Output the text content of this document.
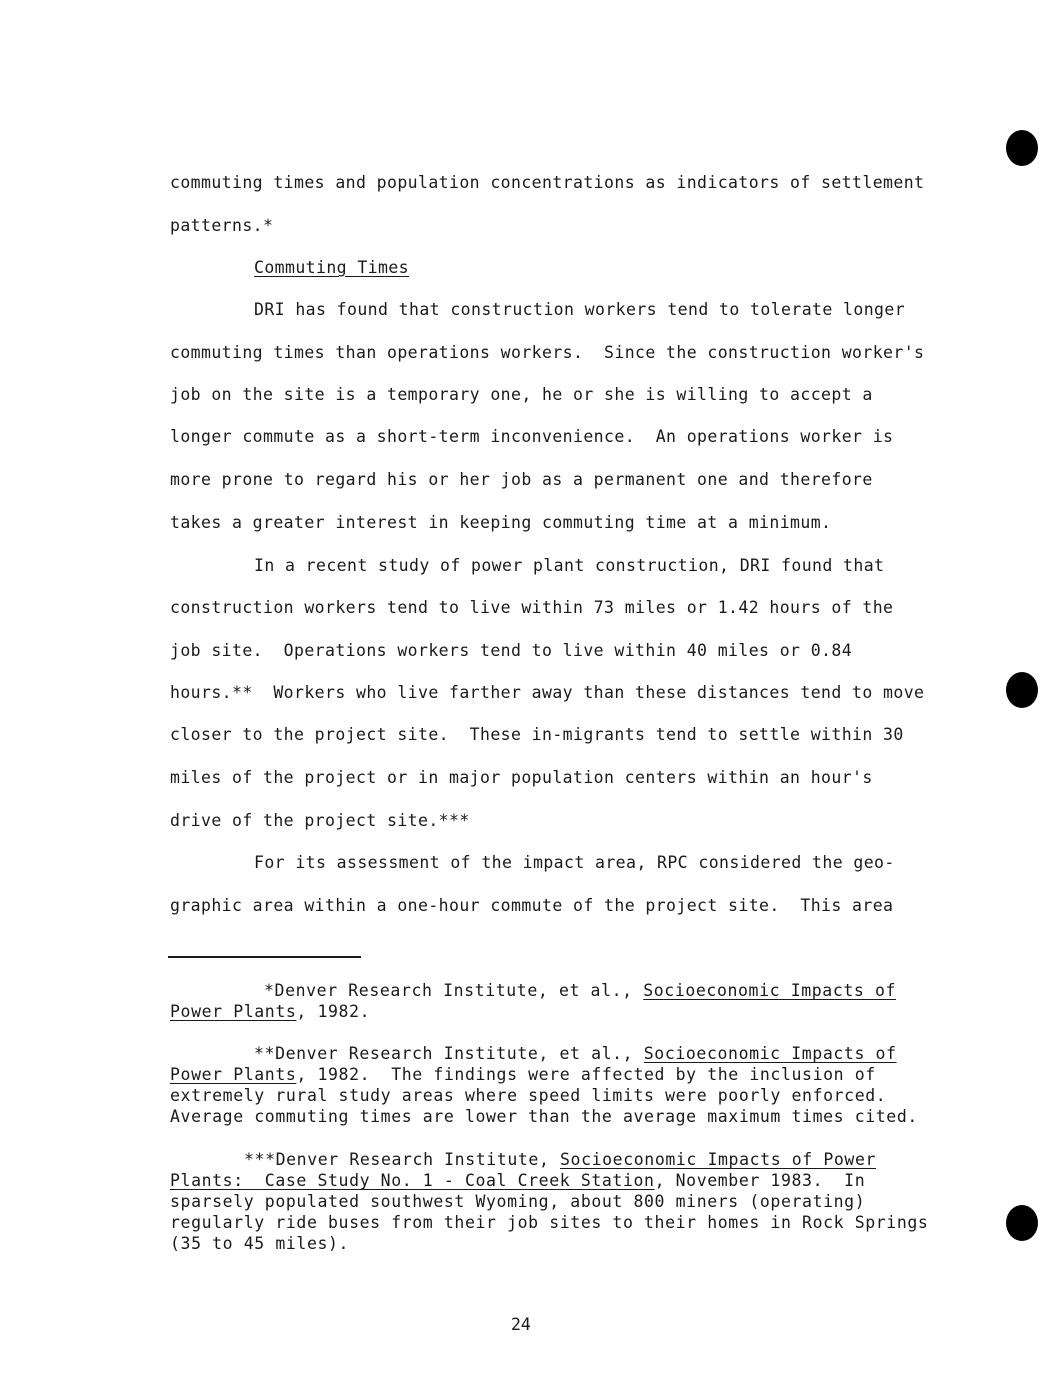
commuting times and population concentrations as indicators of settlement
patterns.*
Commuting Times
DRI has found that construction workers tend to tolerate longer
commuting times than operations workers.  Since the construction worker's
job on the site is a temporary one, he or she is willing to accept a
longer commute as a short-term inconvenience.  An operations worker is
more prone to regard his or her job as a permanent one and therefore
takes a greater interest in keeping commuting time at a minimum.
In a recent study of power plant construction, DRI found that
construction workers tend to live within 73 miles or 1.42 hours of the
job site.  Operations workers tend to live within 40 miles or 0.84
hours.**  Workers who live farther away than these distances tend to move
closer to the project site.  These in-migrants tend to settle within 30
miles of the project or in major population centers within an hour's
drive of the project site.***
For its assessment of the impact area, RPC considered the geo-
graphic area within a one-hour commute of the project site.  This area
*Denver Research Institute, et al., Socioeconomic Impacts of
Power Plants, 1982.
**Denver Research Institute, et al., Socioeconomic Impacts of
Power Plants, 1982.  The findings were affected by the inclusion of
extremely rural study areas where speed limits were poorly enforced.
Average commuting times are lower than the average maximum times cited.
***Denver Research Institute, Socioeconomic Impacts of Power
Plants:  Case Study No. 1 - Coal Creek Station, November 1983.  In
sparsely populated southwest Wyoming, about 800 miners (operating)
regularly ride buses from their job sites to their homes in Rock Springs
(35 to 45 miles).
24
